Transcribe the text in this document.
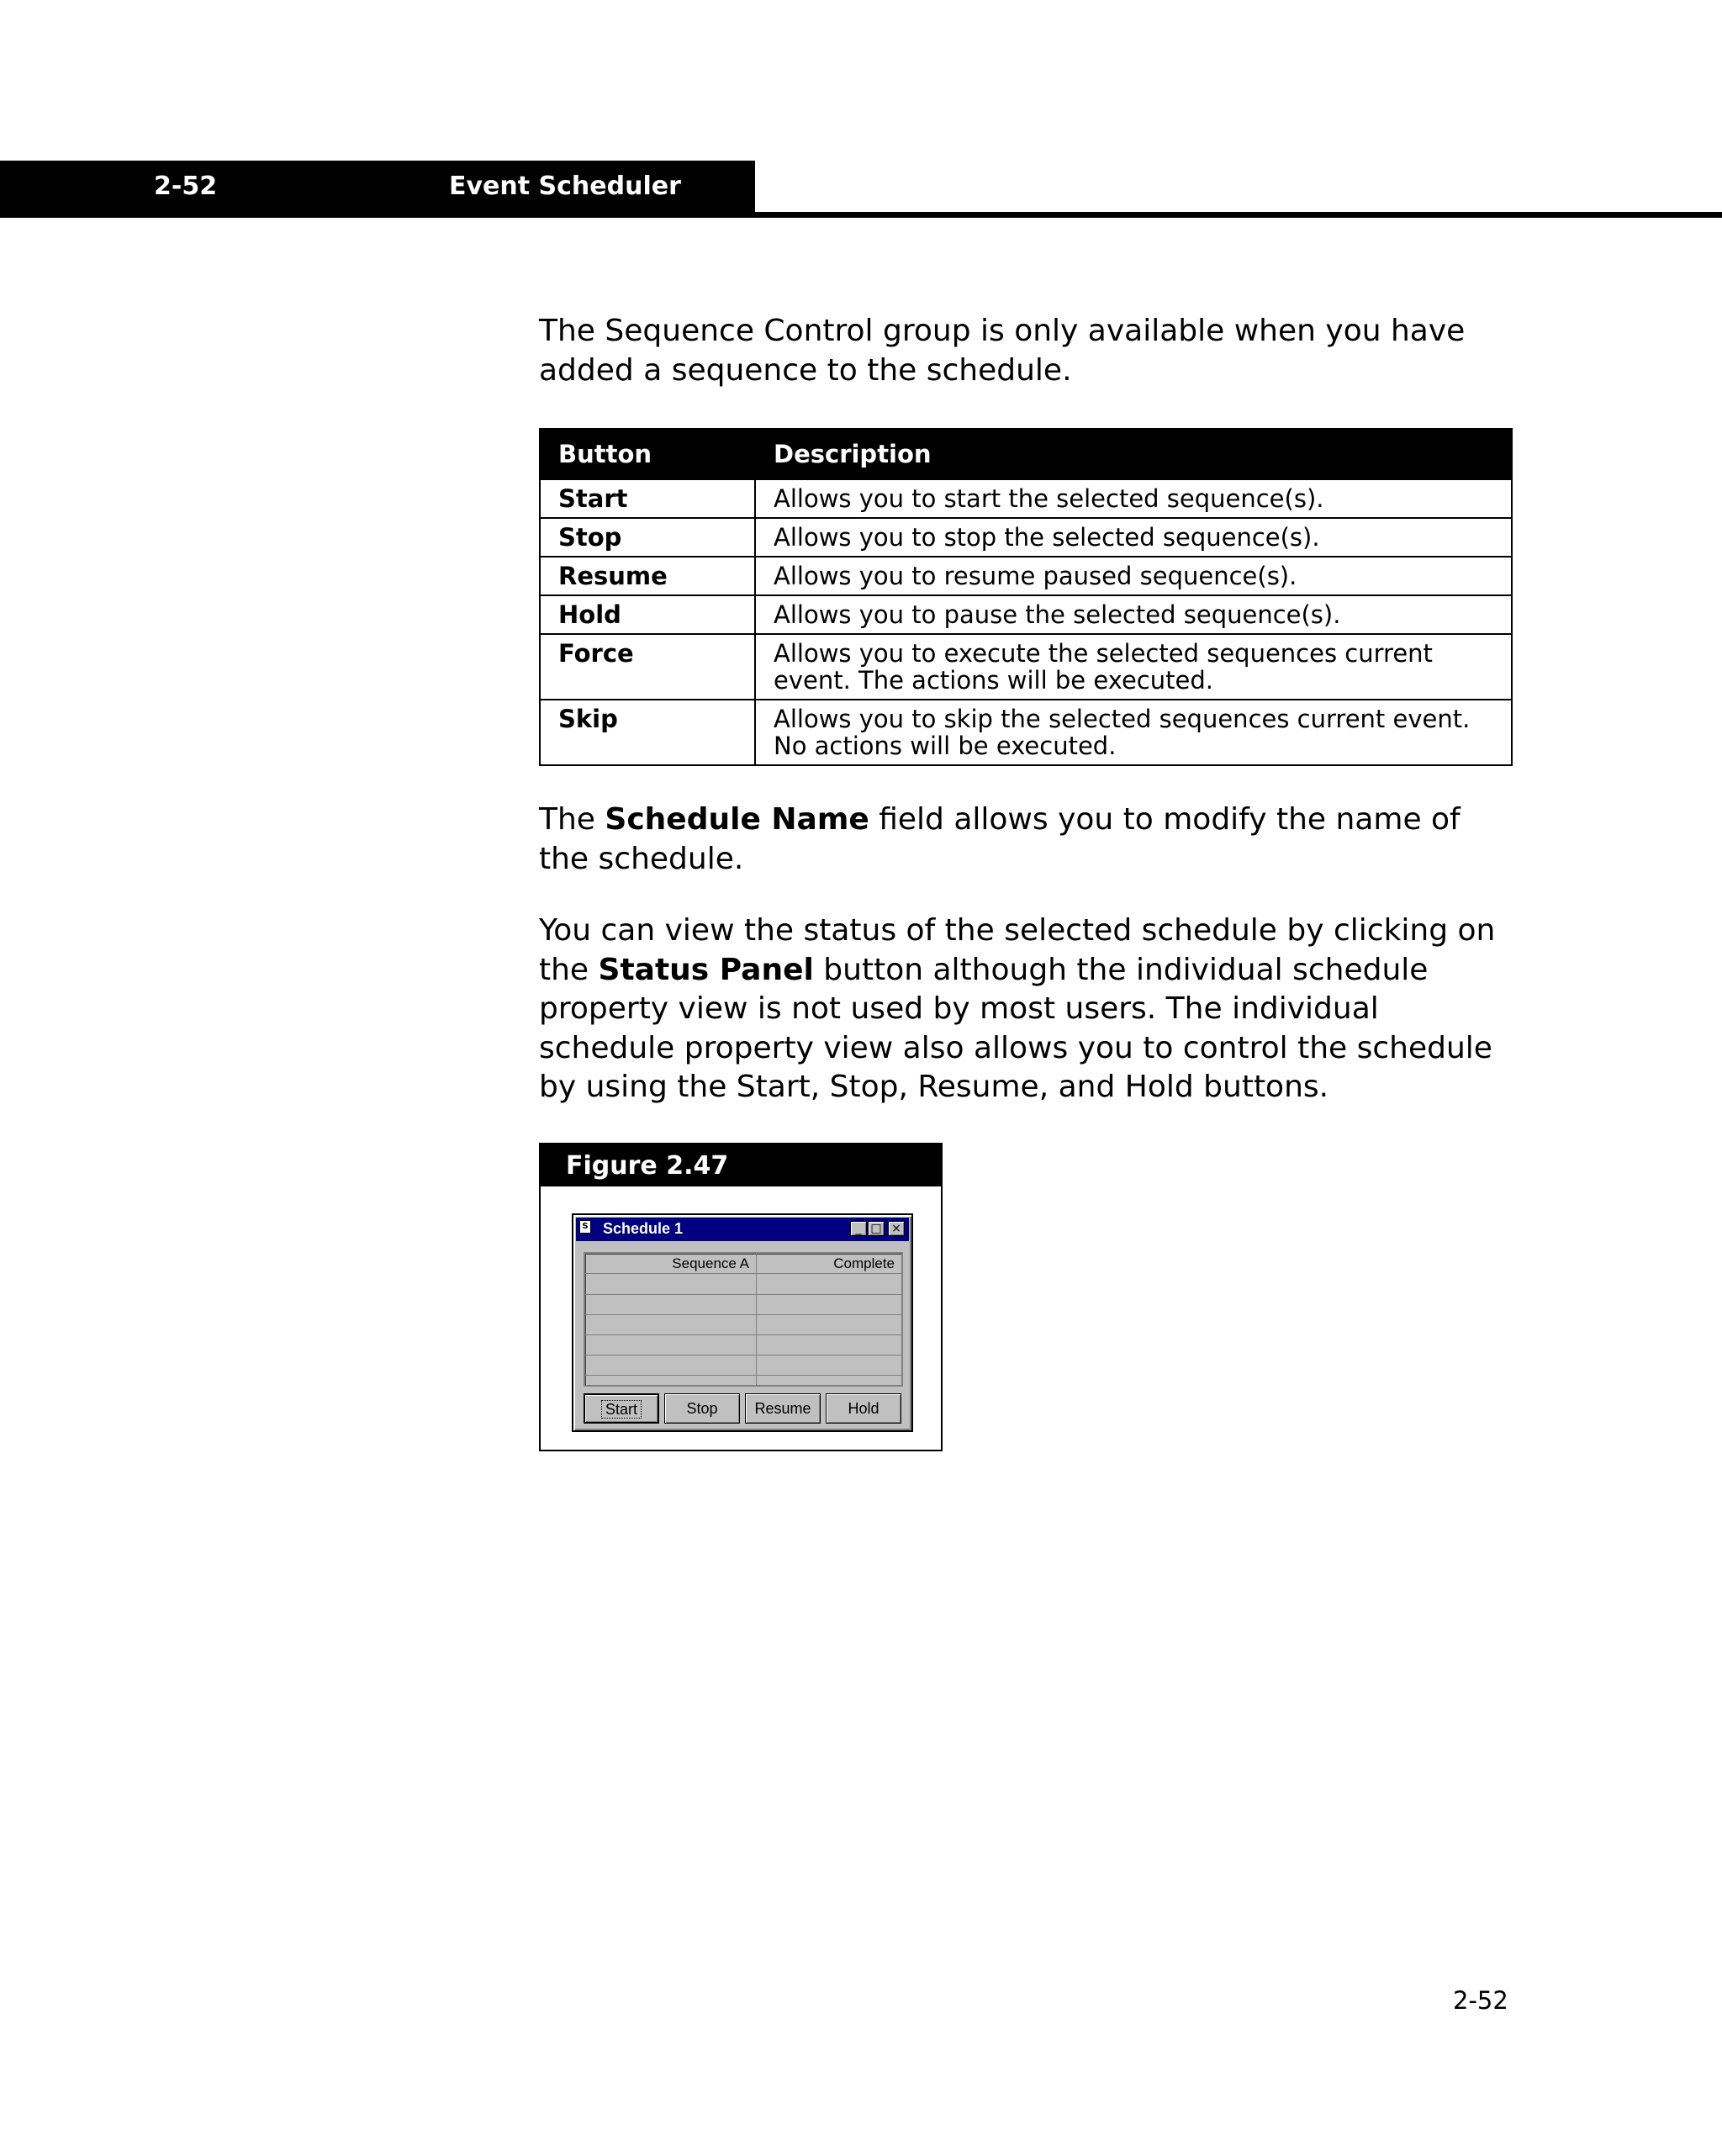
2-52	Event Scheduler

The Sequence Control group is only available when you have added a sequence to the schedule.

Button	Description
Start	Allows you to start the selected sequence(s).
Stop	Allows you to stop the selected sequence(s).
Resume	Allows you to resume paused sequence(s).
Hold	Allows you to pause the selected sequence(s).
Force	Allows you to execute the selected sequences current event. The actions will be executed.
Skip	Allows you to skip the selected sequences current event. No actions will be executed.

The Schedule Name field allows you to modify the name of the schedule.

You can view the status of the selected schedule by clicking on the Status Panel button although the individual schedule property view is not used by most users. The individual schedule property view also allows you to control the schedule by using the Start, Stop, Resume, and Hold buttons.

Figure 2.47
S Schedule 1	_ □ ×
Sequence A	Complete
Start	Stop	Resume	Hold
2-52
